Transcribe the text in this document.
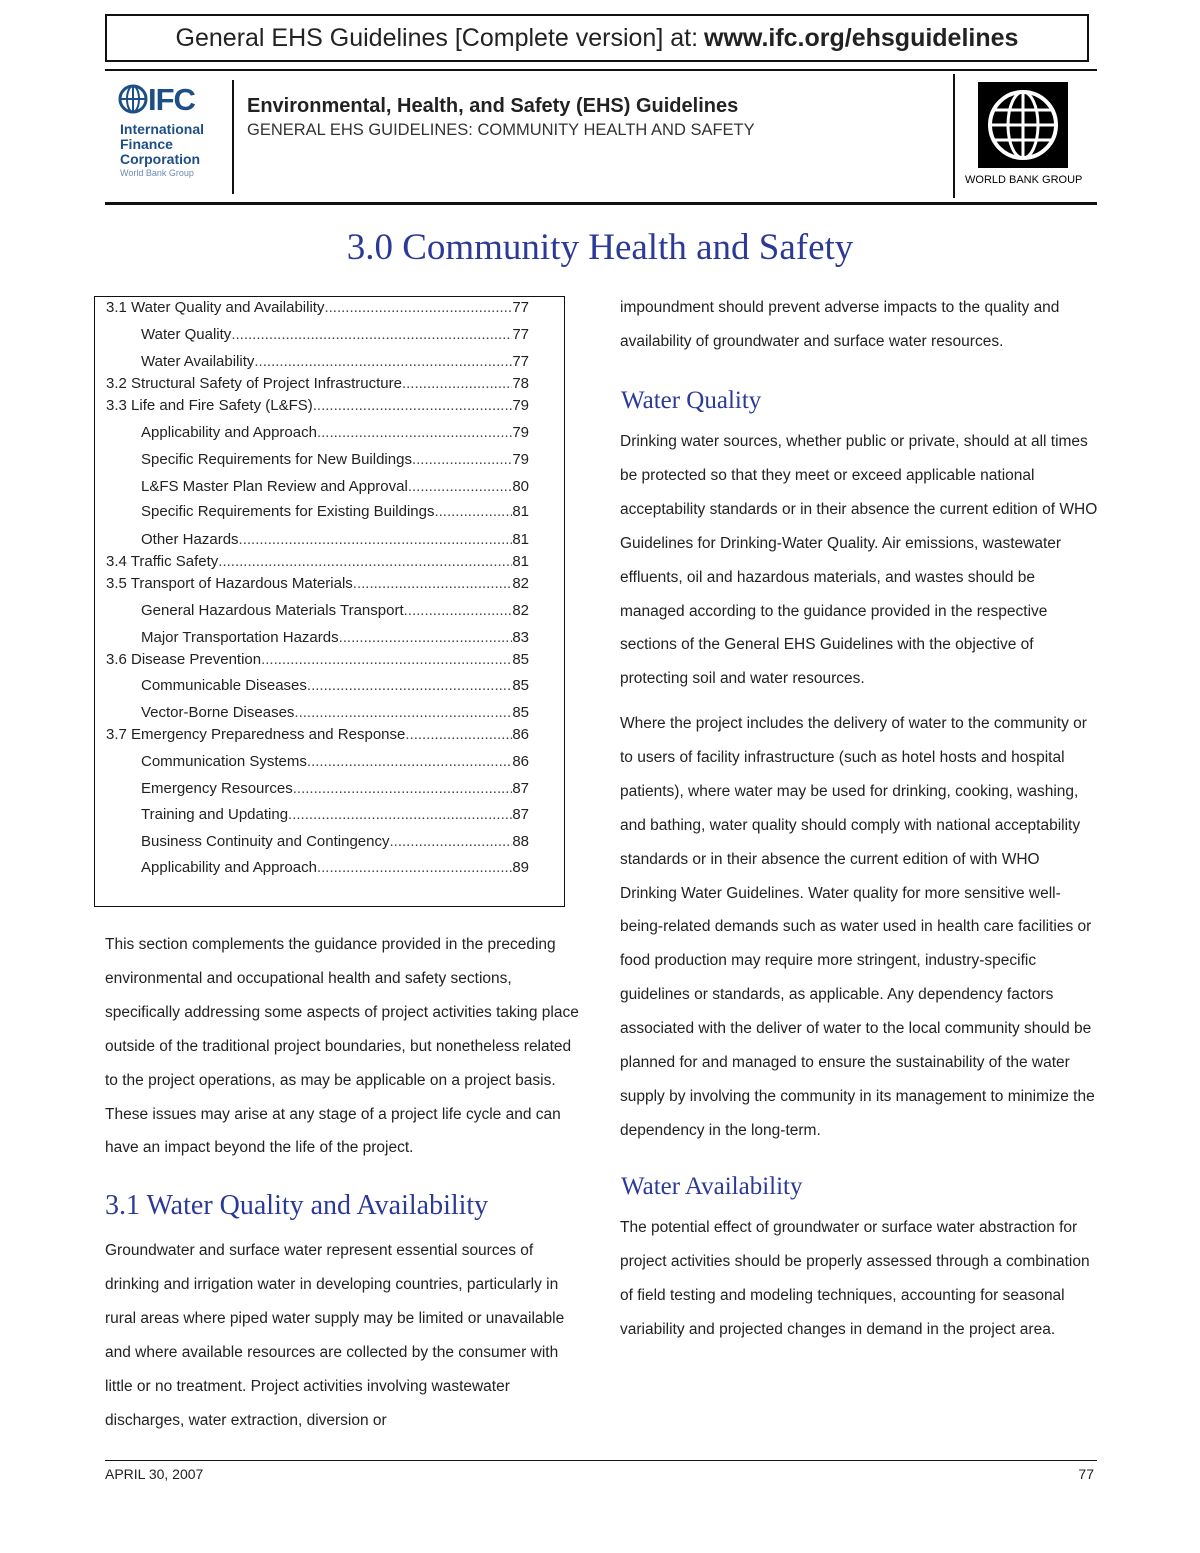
General EHS Guidelines [Complete version] at: www.ifc.org/ehsguidelines
IFC
International
Finance
Corporation
World Bank Group
Environmental, Health, and Safety (EHS) Guidelines
GENERAL EHS GUIDELINES: COMMUNITY HEALTH AND SAFETY
WORLD BANK GROUP
3.0 Community Health and Safety
3.1 Water Quality and Availability .....	77
Water Quality .....	77
Water Availability .....	77
3.2 Structural Safety of Project Infrastructure .....	78
3.3 Life and Fire Safety (L&FS) .....	79
Applicability and Approach .....	79
Specific Requirements for New Buildings .....	79
L&FS Master Plan Review and Approval .....	80
Specific Requirements for Existing Buildings .....	81
Other Hazards .....	81
3.4 Traffic Safety .....	81
3.5 Transport of Hazardous Materials .....	82
General Hazardous Materials Transport .....	82
Major Transportation Hazards .....	83
3.6 Disease Prevention .....	85
Communicable Diseases .....	85
Vector-Borne Diseases .....	85
3.7 Emergency Preparedness and Response .....	86
Communication Systems .....	86
Emergency Resources .....	87
Training and Updating .....	87
Business Continuity and Contingency .....	88
Applicability and Approach .....	89

This section complements the guidance provided in the preceding environmental and occupational health and safety sections, specifically addressing some aspects of project activities taking place outside of the traditional project boundaries, but nonetheless related to the project operations, as may be applicable on a project basis. These issues may arise at any stage of a project life cycle and can have an impact beyond the life of the project.

3.1 Water Quality and Availability

Groundwater and surface water represent essential sources of drinking and irrigation water in developing countries, particularly in rural areas where piped water supply may be limited or unavailable and where available resources are collected by the consumer with little or no treatment. Project activities involving wastewater discharges, water extraction, diversion or

impoundment should prevent adverse impacts to the quality and availability of groundwater and surface water resources.

Water Quality

Drinking water sources, whether public or private, should at all times be protected so that they meet or exceed applicable national acceptability standards or in their absence the current edition of WHO Guidelines for Drinking-Water Quality. Air emissions, wastewater effluents, oil and hazardous materials, and wastes should be managed according to the guidance provided in the respective sections of the General EHS Guidelines with the objective of protecting soil and water resources.

Where the project includes the delivery of water to the community or to users of facility infrastructure (such as hotel hosts and hospital patients), where water may be used for drinking, cooking, washing, and bathing, water quality should comply with national acceptability standards or in their absence the current edition of with WHO Drinking Water Guidelines. Water quality for more sensitive well-being-related demands such as water used in health care facilities or food production may require more stringent, industry-specific guidelines or standards, as applicable. Any dependency factors associated with the deliver of water to the local community should be planned for and managed to ensure the sustainability of the water supply by involving the community in its management to minimize the dependency in the long-term.

Water Availability

The potential effect of groundwater or surface water abstraction for project activities should be properly assessed through a combination of field testing and modeling techniques, accounting for seasonal variability and projected changes in demand in the project area.

APRIL 30, 2007	77
